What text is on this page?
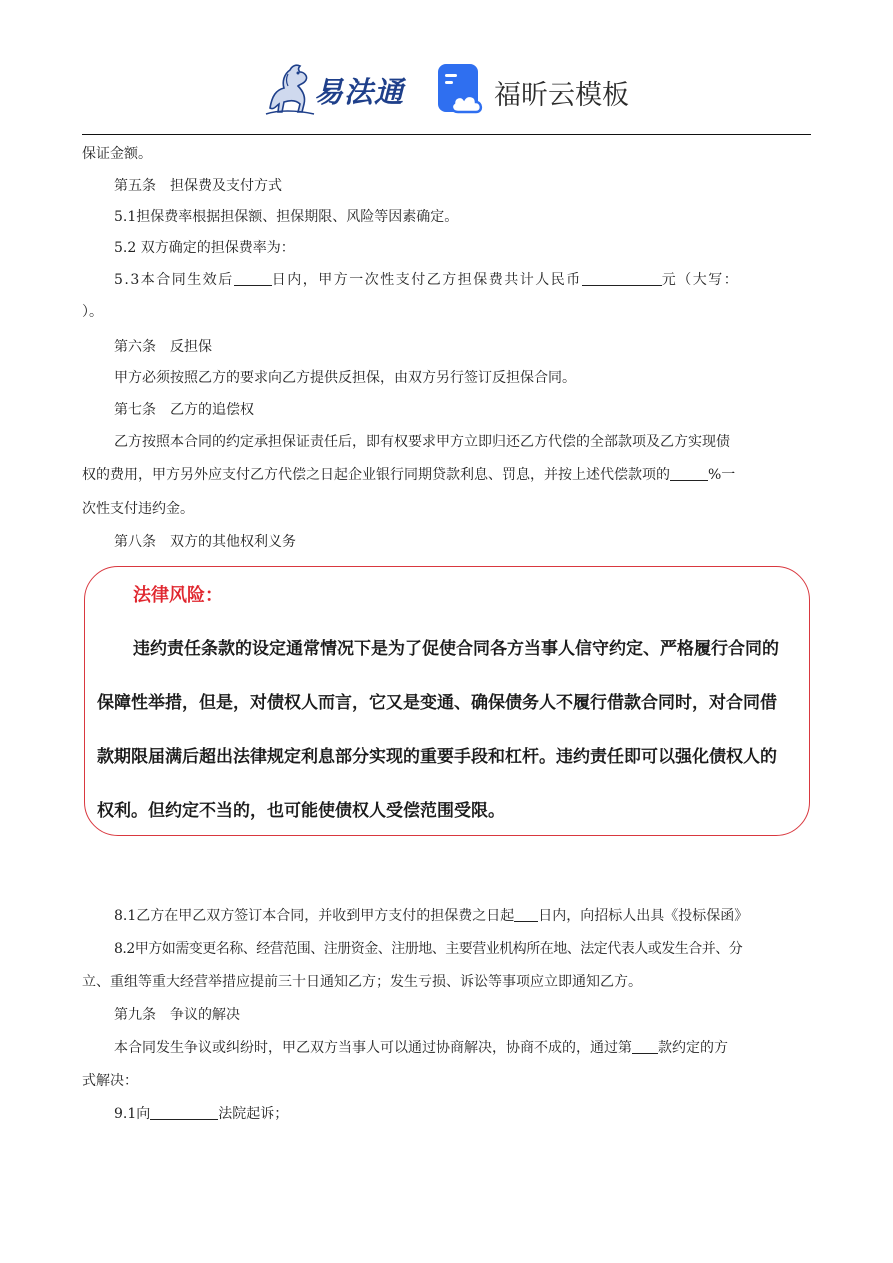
易法通	福昕云模板
保证金额。
第五条　担保费及支付方式
5.1担保费率根据担保额、担保期限、风险等因素确定。
5.2 双方确定的担保费率为：
5.3本合同生效后	日内，甲方一次性支付乙方担保费共计人民币	元（大写：
）。
第六条　反担保
甲方必须按照乙方的要求向乙方提供反担保，由双方另行签订反担保合同。
第七条　乙方的追偿权
乙方按照本合同的约定承担保证责任后，即有权要求甲方立即归还乙方代偿的全部款项及乙方实现债
权的费用，甲方另外应支付乙方代偿之日起企业银行同期贷款利息、罚息，并按上述代偿款项的	%一
次性支付违约金。
第八条　双方的其他权利义务
法律风险：
违约责任条款的设定通常情况下是为了促使合同各方当事人信守约定、严格履行合同的
保障性举措，但是，对债权人而言，它又是变通、确保债务人不履行借款合同时，对合同借
款期限届满后超出法律规定利息部分实现的重要手段和杠杆。违约责任即可以强化债权人的
权利。但约定不当的，也可能使债权人受偿范围受限。
8.1乙方在甲乙双方签订本合同，并收到甲方支付的担保费之日起 日内，向招标人出具《投标保函》
8.2甲方如需变更名称、经营范围、注册资金、注册地、主要营业机构所在地、法定代表人或发生合并、分
立、重组等重大经营举措应提前三十日通知乙方；发生亏损、诉讼等事项应立即通知乙方。
第九条　争议的解决
本合同发生争议或纠纷时，甲乙双方当事人可以通过协商解决，协商不成的，通过第 款约定的方
式解决：
9.1向	法院起诉；
